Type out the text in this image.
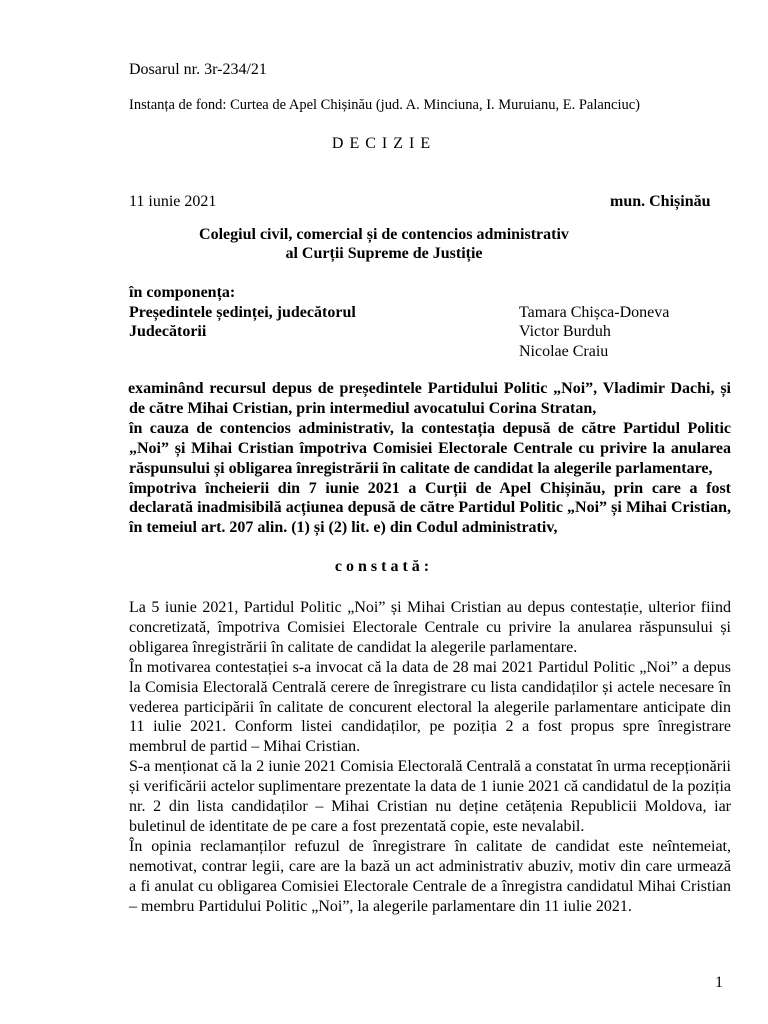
Dosarul nr. 3r-234/21
Instanța de fond: Curtea de Apel Chișinău (jud. A. Minciuna, I. Muruianu, E. Palanciuc)
DECIZIE
11 iunie 2021	mun. Chișinău
Colegiul civil, comercial și de contencios administrativ
al Curții Supreme de Justiție
în componența:
Președintele ședinței, judecătorul	Tamara Chișca-Doneva
Judecătorii	Victor Burduh
Nicolae Craiu

examinând recursul depus de președintele Partidului Politic „Noi”, Vladimir Dachi, și de către Mihai Cristian, prin intermediul avocatului Corina Stratan,

în cauza de contencios administrativ, la contestația depusă de către Partidul Politic „Noi” și Mihai Cristian împotriva Comisiei Electorale Centrale cu privire la anularea răspunsului și obligarea înregistrării în calitate de candidat la alegerile parlamentare,

împotriva încheierii din 7 iunie 2021 a Curții de Apel Chișinău, prin care a fost declarată inadmisibilă acțiunea depusă de către Partidul Politic „Noi” și Mihai Cristian, în temeiul art. 207 alin. (1) și (2) lit. e) din Codul administrativ,

constată:

La 5 iunie 2021, Partidul Politic „Noi” și Mihai Cristian au depus contestație, ulterior fiind concretizată, împotriva Comisiei Electorale Centrale cu privire la anularea răspunsului și obligarea înregistrării în calitate de candidat la alegerile parlamentare.

În motivarea contestației s-a invocat că la data de 28 mai 2021 Partidul Politic „Noi” a depus la Comisia Electorală Centrală cerere de înregistrare cu lista candidaților și actele necesare în vederea participării în calitate de concurent electoral la alegerile parlamentare anticipate din 11 iulie 2021. Conform listei candidaților, pe poziția 2 a fost propus spre înregistrare membrul de partid – Mihai Cristian.

S-a menționat că la 2 iunie 2021 Comisia Electorală Centrală a constatat în urma recepționării și verificării actelor suplimentare prezentate la data de 1 iunie 2021 că candidatul de la poziția nr. 2 din lista candidaților – Mihai Cristian nu deține cetățenia Republicii Moldova, iar buletinul de identitate de pe care a fost prezentată copie, este nevalabil.

În opinia reclamanților refuzul de înregistrare în calitate de candidat este neîntemeiat, nemotivat, contrar legii, care are la bază un act administrativ abuziv, motiv din care urmează a fi anulat cu obligarea Comisiei Electorale Centrale de a înregistra candidatul Mihai Cristian – membru Partidului Politic „Noi”, la alegerile parlamentare din 11 iulie 2021.

1
